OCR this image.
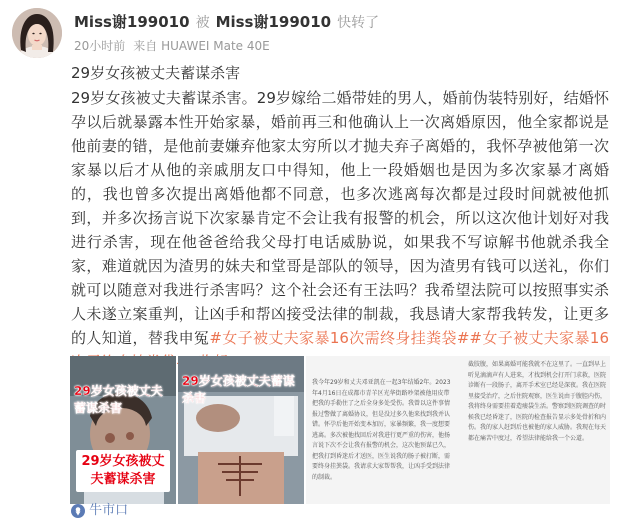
Miss谢199010 被 Miss谢199010 快转了
20小时前 来自 HUAWEI Mate 40E
29岁女孩被丈夫蓄谋杀害
29岁女孩被丈夫蓄谋杀害。29岁嫁给二婚带娃的男人，婚前伪装特别好，结婚怀孕以后就暴露本性开始家暴，婚前再三和他确认上一次离婚原因，他全家都说是他前妻的错，是他前妻嫌弃他家太穷所以才抛夫弃子离婚的，我怀孕被他第一次家暴以后才从他的亲戚朋友口中得知，他上一段婚姻也是因为多次家暴才离婚的，我也曾多次提出离婚他都不同意，也多次逃离每次都是过段时间就被他抓到，并多次扬言说下次家暴肯定不会让我有报警的机会，所以这次他计划好对我进行杀害，现在他爸爸给我父母打电话威胁说，如果我不写谅解书他就杀我全家，难道就因为渣男的妹夫和堂哥是部队的领导，因为渣男有钱可以送礼，你们就可以随意对我进行杀害吗？这个社会还有王法吗？我希望法院可以按照事实杀人未遂立案重判，让凶手和帮凶接受法律的制裁，我恳请大家帮我转发，让更多的人知道，替我申冤#女子被丈夫家暴16次需终身挂粪袋##女子被丈夫家暴16
29岁女孩被丈夫蓄谋杀害
29岁女孩被丈夫蓄谋杀害
29岁女孩被丈夫蓄谋杀害
我今年29岁和丈夫邓亚凯在一起3年结婚2年。2023年4月16日在成都市青羊区光华街路吵架被他用皮带把我的手勒住了之后全身多处受伤。我曾以这件事情报过警做了离婚协议，但是没过多久他来找到我并认错。怀孕后他开始变本加厉，家暴频繁，我一度想要逃离。多次被他找回后对我进行更严重的伤害，他扬言说下次不会让我有报警的机会，这次他预谋已久，把我打到昏迷后才送医，医生说我的肠子被打断，需要终身挂粪袋。我请求大家帮帮我，让凶手受到法律的制裁。
截肢腹，如果离婚可能我就不在这里了。一直到早上听见滴滴声有人进来，才找到机会打开门求救，医院诊断有一段肠子，离开手术室已经是深夜。我在医院里接受治疗，之后住院观察，医生说由于腹腔内伤，我将终身需要挂着造瘘袋生活。警察到医院调查的时候我已经昏迷了，医院的检查报告显示多处骨折和内伤。我的家人赶到后也被他的家人威胁。我现在每天都在痛苦中度过，希望法律能给我一个公道。
牛市口
